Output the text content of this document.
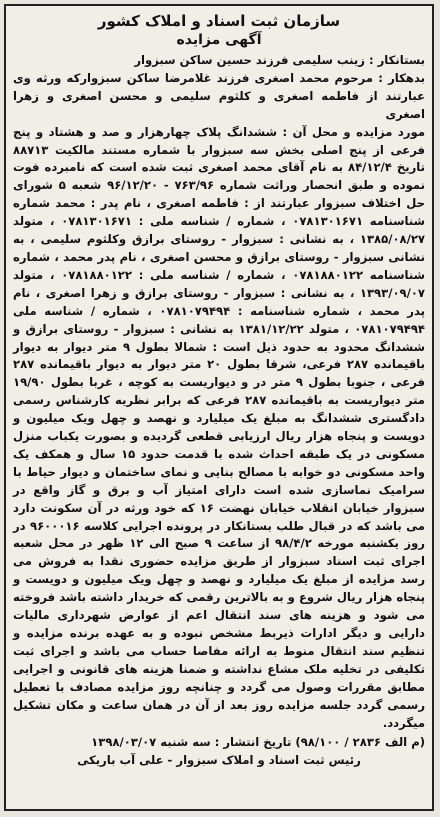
سازمان ثبت اسناد و املاک کشور
آگهی مزایده

بستانکار : زینب سلیمی فرزند حسین ساکن سبزوار

بدهکار : مرحوم محمد اصغری فرزند غلامرضا ساکن سبزوارکه ورثه وی عبارتند از فاطمه اصغری و کلثوم سلیمی و محسن اصغری و زهرا اصغری

مورد مزایده و محل آن : ششدانگ پلاک چهارهزار و صد و هشتاد و پنج فرعی از پنج اصلی بخش سه سبزوار با شماره مستند مالکیت ۸۸۷۱۳ تاریخ ۸۴/۱۲/۴ به نام آقای محمد اصغری ثبت شده است که نامبرده فوت نموده و طبق انحصار وراثت شماره ۷۶۳/۹۶ - ۹۶/۱۲/۲۰ شعبه ۵ شورای حل اختلاف سبزوار عبارتند از : فاطمه اصغری ، نام پدر : محمد شماره شناسنامه ۰۷۸۱۳۰۱۶۷۱ ، شماره / شناسه ملی : ۰۷۸۱۳۰۱۶۷۱ ، متولد ۱۳۸۵/۰۸/۲۷ ، به نشانی : سبزوار - روستای برازق وکلثوم سلیمی ، به نشانی سبزوار - روستای برازق و محسن اصغری ، نام پدر محمد ، شماره شناسنامه ۰۷۸۱۸۸۰۱۲۲ ، شماره / شناسه ملی : ۰۷۸۱۸۸۰۱۲۲ ، متولد ۱۳۹۳/۰۹/۰۷ ، به نشانی : سبزوار - روستای برازق و زهرا اصغری ، نام پدر محمد ، شماره شناسنامه : ۰۷۸۱۰۷۹۴۹۴ ، شماره / شناسه ملی ۰۷۸۱۰۷۹۴۹۴ ، متولد ۱۳۸۱/۱۲/۲۲ به نشانی : سبزوار - روستای برازق و ششدانگ محدود به حدود ذیل است : شمالا بطول ۹ متر دیوار به دیوار باقیمانده ۲۸۷ فرعی، شرقا بطول ۲۰ متر دیوار به دیوار باقیمانده ۲۸۷ فرعی ، جنوبا بطول ۹ متر در و دیواریست به کوچه ، غربا بطول ۱۹/۹۰ متر دیواریست به باقیمانده ۲۸۷ فرعی که برابر نظریه کارشناس رسمی دادگستری ششدانگ به مبلغ یک میلیارد و نهصد و چهل ویک میلیون و دویست و پنجاه هزار ریال ارزیابی قطعی گردیده و بصورت یکباب منزل مسکونی در یک طبقه احداث شده با قدمت حدود ۱۵ سال و همکف یک واحد مسکونی دو خوابه با مصالح بنایی و نمای ساختمان و دیوار حیاط با سرامیک نماسازی شده است دارای امتیاز آب و برق و گاز واقع در سبزوار خیابان انقلاب خیابان نهضت ۱۶ که خود ورثه در آن سکونت دارد می باشد که در قبال طلب بستانکار در پرونده اجرایی کلاسه ۹۶۰۰۰۱۶ در روز یکشنبه مورخه ۹۸/۴/۲ از ساعت ۹ صبح الی ۱۲ ظهر در محل شعبه اجرای ثبت اسناد سبزوار از طریق مزایده حضوری نقدا به فروش می رسد مزایده از مبلغ یک میلیارد و نهصد و چهل ویک میلیون و دویست و پنجاه هزار ریال شروع و به بالاترین رقمی که خریدار داشته باشد فروخته می شود و هزینه های سند انتقال اعم از عوارض شهرداری مالیات دارایی و دیگر ادارات ذیربط مشخص نبوده و به عهده برنده مزایده و تنظیم سند انتقال منوط به ارائه مفاصا حساب می باشد و اجرای ثبت تکلیفی در تخلیه ملک مشاع نداشته و ضمنا هزینه های قانونی و اجرایی مطابق مقررات وصول می گردد و چنانچه روز مزایده مصادف با تعطیل رسمی گردد جلسه مزایده روز بعد از آن در همان ساعت و مکان تشکیل میگردد.

(م الف ۲۸۳۶ / ۹۸/۱۰۰) تاریخ انتشار : سه شنبه ۱۳۹۸/۰۳/۰۷
رئیس ثبت اسناد و املاک سبزوار - علی آب باریکی
